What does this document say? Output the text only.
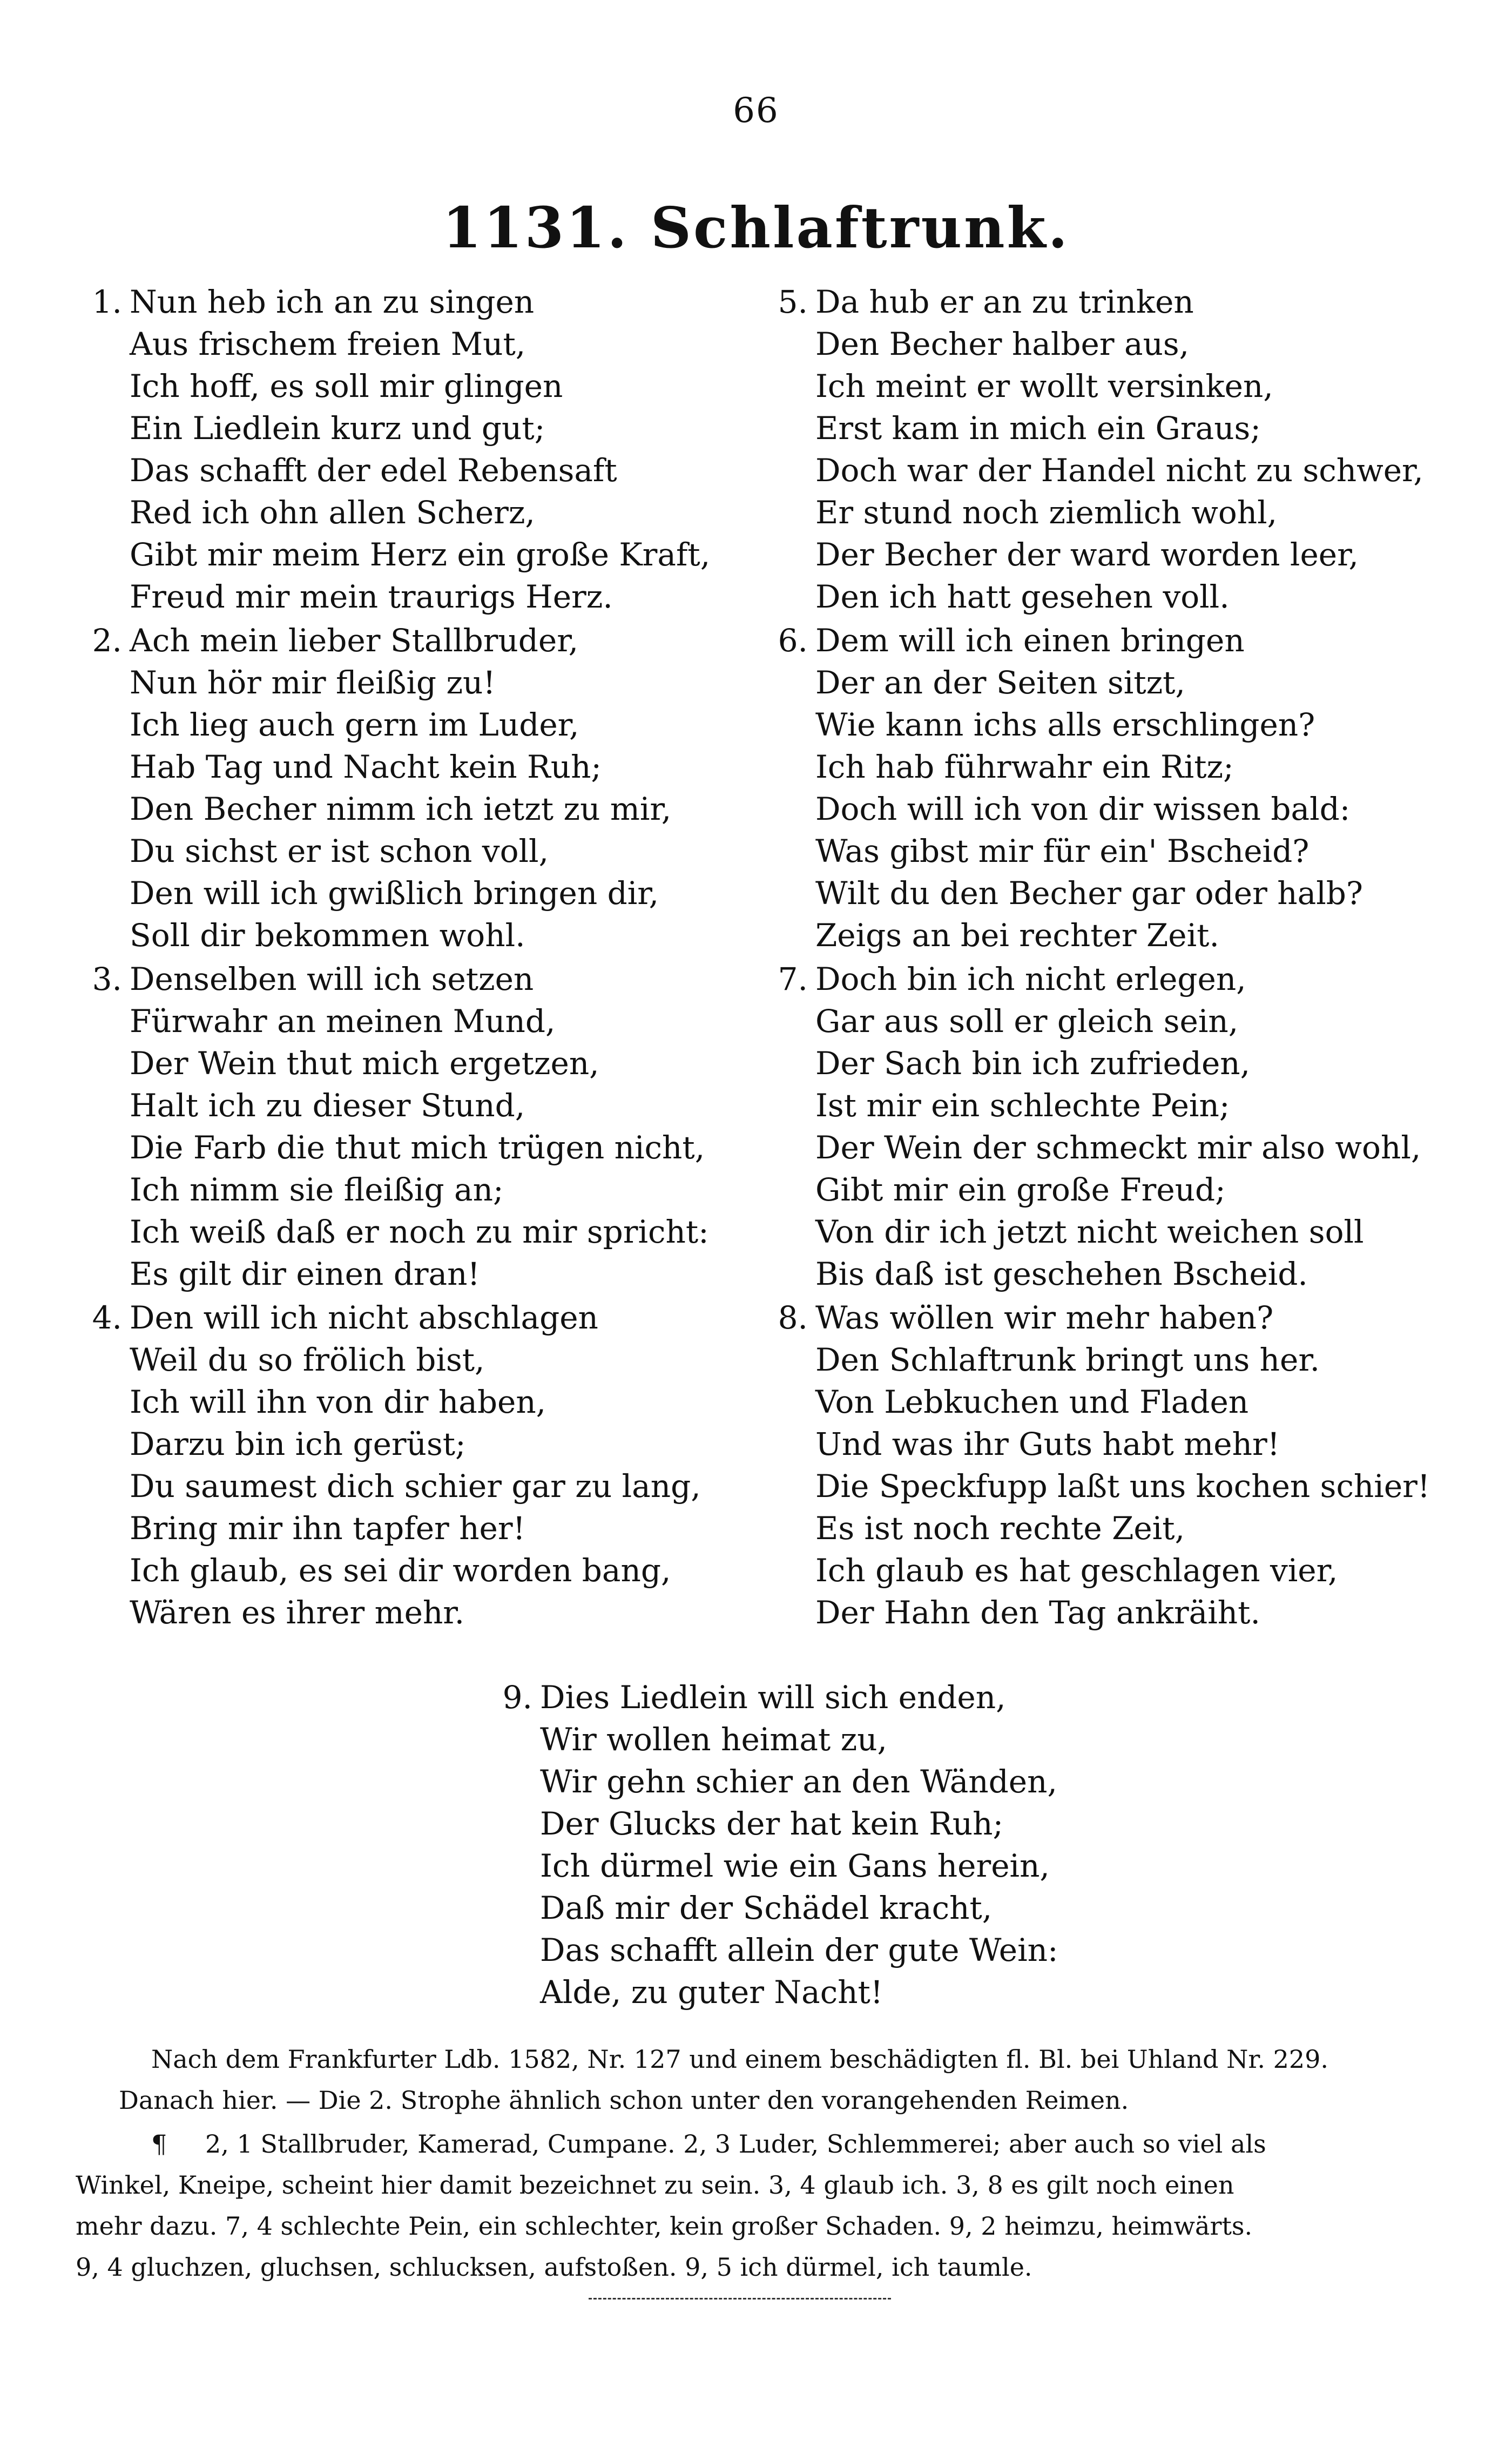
66
1131. Schlaftrunk.
1. Nun heb ich an zu singen
Aus frischem freien Mut,
Ich hoff, es soll mir glingen
Ein Liedlein kurz und gut;
Das schafft der edel Rebensaft
Red ich ohn allen Scherz,
Gibt mir meim Herz ein große Kraft,
Freud mir mein traurigs Herz.
2. Ach mein lieber Stallbruder,
Nun hör mir fleißig zu!
Ich lieg auch gern im Luder,
Hab Tag und Nacht kein Ruh;
Den Becher nimm ich ietzt zu mir,
Du sichst er ist schon voll,
Den will ich gwißlich bringen dir,
Soll dir bekommen wohl.
3. Denselben will ich setzen
Fürwahr an meinen Mund,
Der Wein thut mich ergetzen,
Halt ich zu dieser Stund,
Die Farb die thut mich trügen nicht,
Ich nimm sie fleißig an;
Ich weiß daß er noch zu mir spricht:
Es gilt dir einen dran!
4. Den will ich nicht abschlagen
Weil du so frölich bist,
Ich will ihn von dir haben,
Darzu bin ich gerüst;
Du saumest dich schier gar zu lang,
Bring mir ihn tapfer her!
Ich glaub, es sei dir worden bang,
Wären es ihrer mehr.
5. Da hub er an zu trinken
Den Becher halber aus,
Ich meint er wollt versinken,
Erst kam in mich ein Graus;
Doch war der Handel nicht zu schwer,
Er stund noch ziemlich wohl,
Der Becher der ward worden leer,
Den ich hatt gesehen voll.
6. Dem will ich einen bringen
Der an der Seiten sitzt,
Wie kann ichs alls erschlingen?
Ich hab führwahr ein Ritz;
Doch will ich von dir wissen bald:
Was gibst mir für ein' Bscheid?
Wilt du den Becher gar oder halb?
Zeigs an bei rechter Zeit.
7. Doch bin ich nicht erlegen,
Gar aus soll er gleich sein,
Der Sach bin ich zufrieden,
Ist mir ein schlechte Pein;
Der Wein der schmeckt mir also wohl,
Gibt mir ein große Freud;
Von dir ich jetzt nicht weichen soll
Bis daß ist geschehen Bscheid.
8. Was wöllen wir mehr haben?
Den Schlaftrunk bringt uns her.
Von Lebkuchen und Fladen
Und was ihr Guts habt mehr!
Die Speckfupp laßt uns kochen schier!
Es ist noch rechte Zeit,
Ich glaub es hat geschlagen vier,
Der Hahn den Tag ankräiht.
9. Dies Liedlein will sich enden,
Wir wollen heimat zu,
Wir gehn schier an den Wänden,
Der Glucks der hat kein Ruh;
Ich dürmel wie ein Gans herein,
Daß mir der Schädel kracht,
Das schafft allein der gute Wein:
Alde, zu guter Nacht!
Nach dem Frankfurter Ldb. 1582, Nr. 127 und einem beschädigten fl. Bl. bei Uhland Nr. 229.
Danach hier. — Die 2. Strophe ähnlich schon unter den vorangehenden Reimen.
¶ 2, 1 Stallbruder, Kamerad, Cumpane. 2, 3 Luder, Schlemmerei; aber auch so viel als
Winkel, Kneipe, scheint hier damit bezeichnet zu sein. 3, 4 glaub ich. 3, 8 es gilt noch einen
mehr dazu. 7, 4 schlechte Pein, ein schlechter, kein großer Schaden. 9, 2 heimzu, heimwärts.
9, 4 gluchzen, gluchsen, schlucksen, aufstoßen. 9, 5 ich dürmel, ich taumle.
